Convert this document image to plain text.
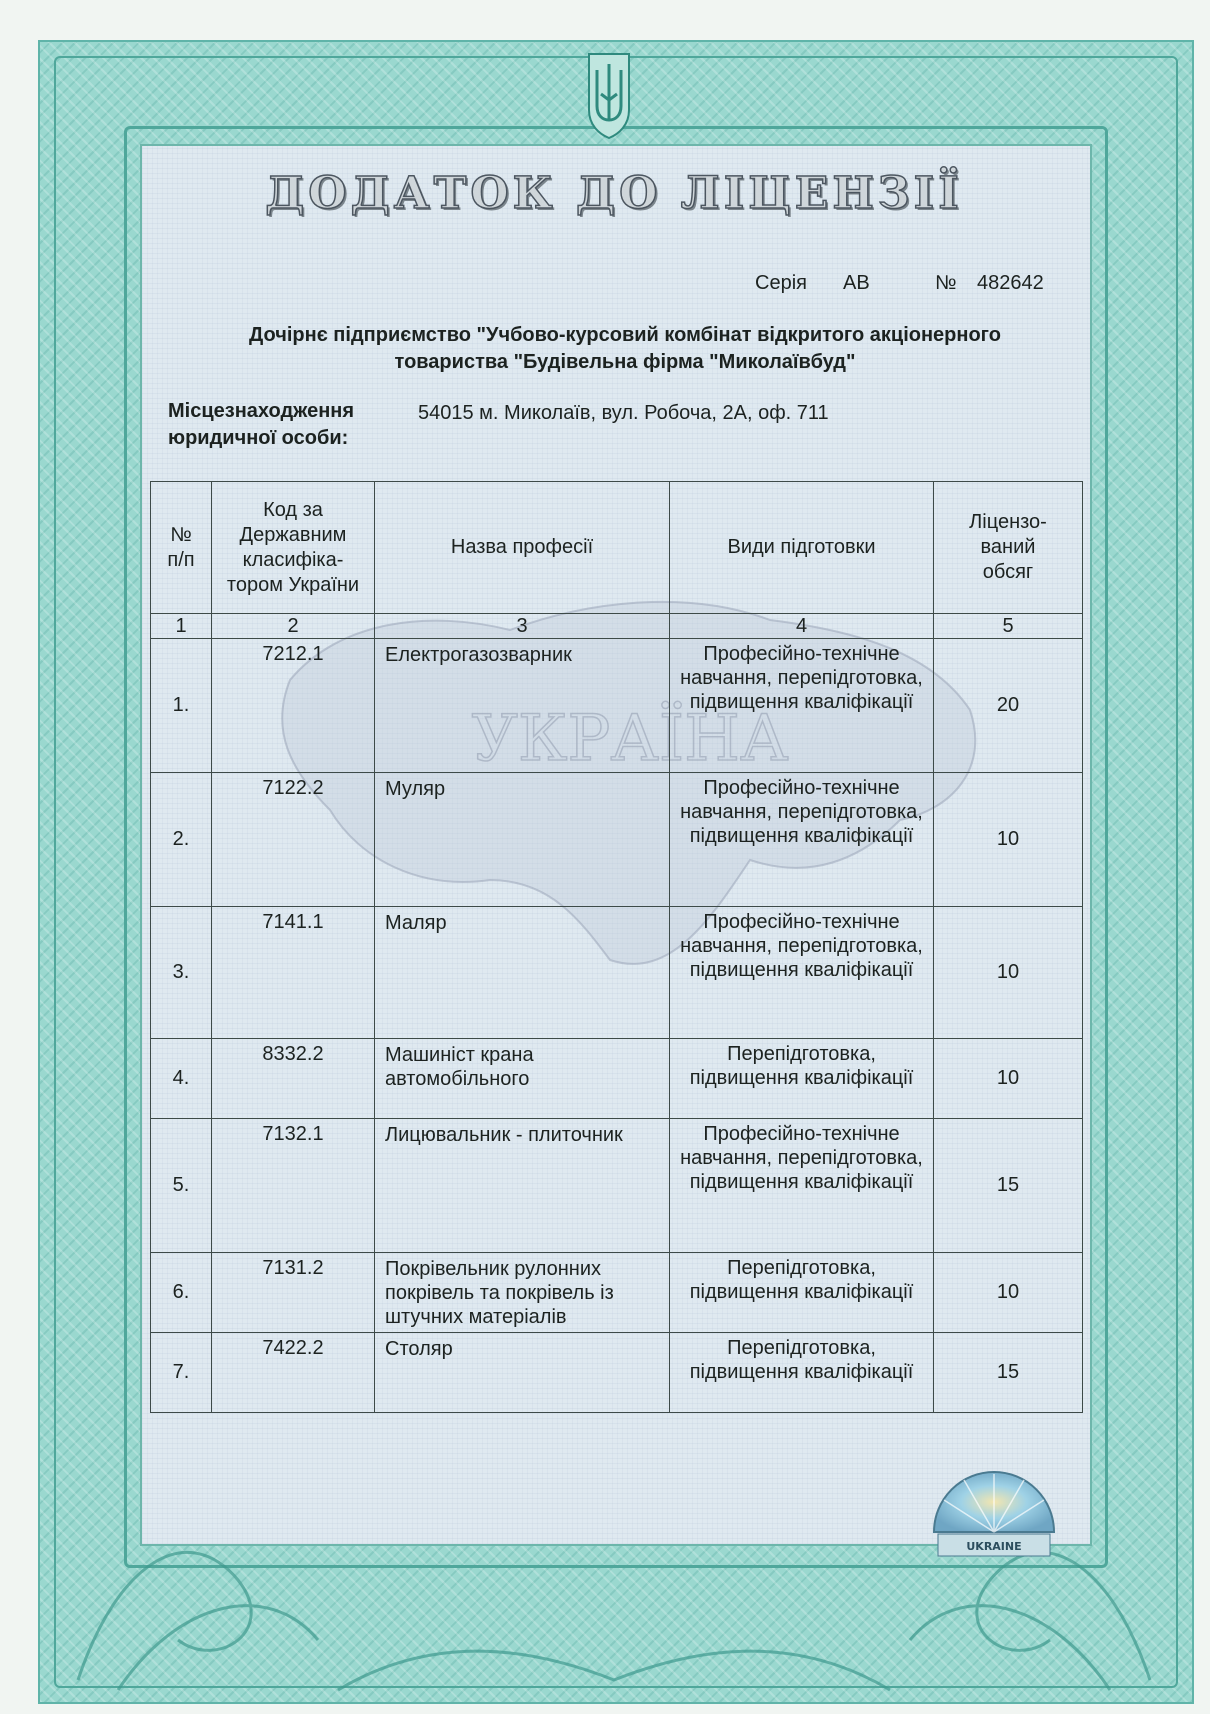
УКРАЇНА
ДОДАТОК ДО ЛІЦЕНЗІЇ
Серія АВ	№ 482642
Дочірнє підприємство "Учбово-курсовий комбінат відкритого акціонерного
товариства "Будівельна фірма "Миколаївбуд"
Місцезнаходження
юридичної особи:
54015 м. Миколаїв, вул. Робоча, 2А, оф. 711
№ п/п	Код за Державним класифіка-тором України	Назва професії	Види підготовки	Ліцензо-ваний обсяг
1	2	3	4	5
1.	7212.1	Електрогазозварник	Професійно-технічне навчання, перепідготовка, підвищення кваліфікації	20
2.	7122.2	Муляр	Професійно-технічне навчання, перепідготовка, підвищення кваліфікації	10
3.	7141.1	Маляр	Професійно-технічне навчання, перепідготовка, підвищення кваліфікації	10
4.	8332.2	Машиніст крана автомобільного	Перепідготовка, підвищення кваліфікації	10
5.	7132.1	Лицювальник - плиточник	Професійно-технічне навчання, перепідготовка, підвищення кваліфікації	15
6.	7131.2	Покрівельник рулонних покрівель та покрівель із штучних матеріалів	Перепідготовка, підвищення кваліфікації	10
7.	7422.2	Столяр	Перепідготовка, підвищення кваліфікації	15
UKRAINE
